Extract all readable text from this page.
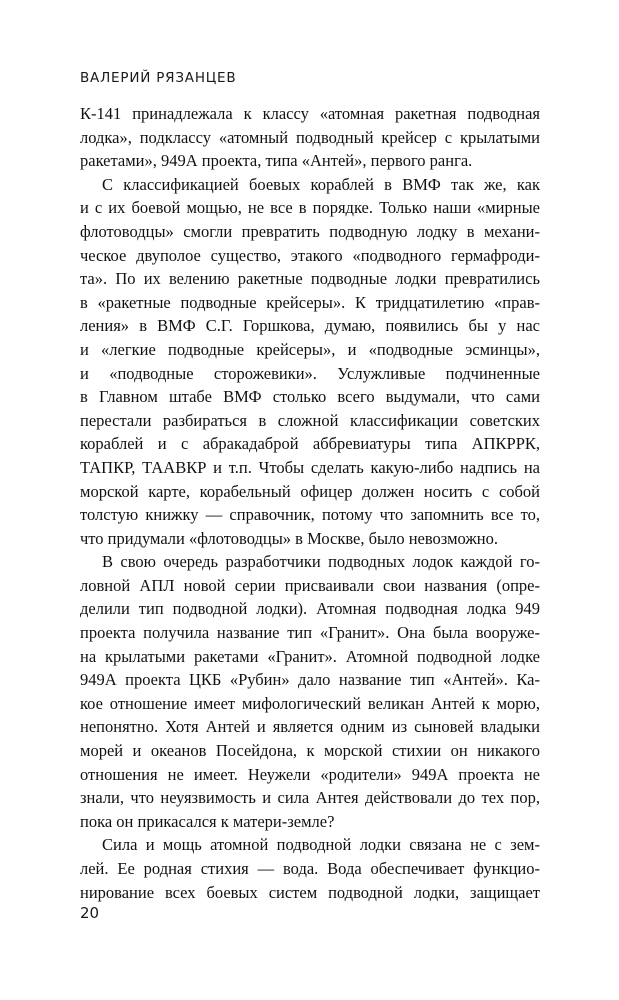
ВАЛЕРИЙ РЯЗАНЦЕВ
К-141 принадлежала к классу «атомная ракетная подводная
лодка», подклассу «атомный подводный крейсер с крылатыми
ракетами», 949А проекта, типа «Антей», первого ранга.
С классификацией боевых кораблей в ВМФ так же, как
и с их боевой мощью, не все в порядке. Только наши «мирные
флотоводцы» смогли превратить подводную лодку в механи-
ческое двуполое существо, этакого «подводного гермафроди-
та». По их велению ракетные подводные лодки превратились
в «ракетные подводные крейсеры». К тридцатилетию «прав-
ления» в ВМФ С.Г. Горшкова, думаю, появились бы у нас
и «легкие подводные крейсеры», и «подводные эсминцы»,
и «подводные сторожевики». Услужливые подчиненные
в Главном штабе ВМФ столько всего выдумали, что сами
перестали разбираться в сложной классификации советских
кораблей и с абракадаброй аббревиатуры типа АПКРРК,
ТАПКР, ТААВКР и т.п. Чтобы сделать какую-либо надпись на
морской карте, корабельный офицер должен носить с собой
толстую книжку — справочник, потому что запомнить все то,
что придумали «флотоводцы» в Москве, было невозможно.
В свою очередь разработчики подводных лодок каждой го-
ловной АПЛ новой серии присваивали свои названия (опре-
делили тип подводной лодки). Атомная подводная лодка 949
проекта получила название тип «Гранит». Она была вооруже-
на крылатыми ракетами «Гранит». Атомной подводной лодке
949А проекта ЦКБ «Рубин» дало название тип «Антей». Ка-
кое отношение имеет мифологический великан Антей к морю,
непонятно. Хотя Антей и является одним из сыновей владыки
морей и океанов Посейдона, к морской стихии он никакого
отношения не имеет. Неужели «родители» 949А проекта не
знали, что неуязвимость и сила Антея действовали до тех пор,
пока он прикасался к матери-земле?
Сила и мощь атомной подводной лодки связана не с зем-
лей. Ее родная стихия — вода. Вода обеспечивает функцио-
нирование всех боевых систем подводной лодки, защищает
20
